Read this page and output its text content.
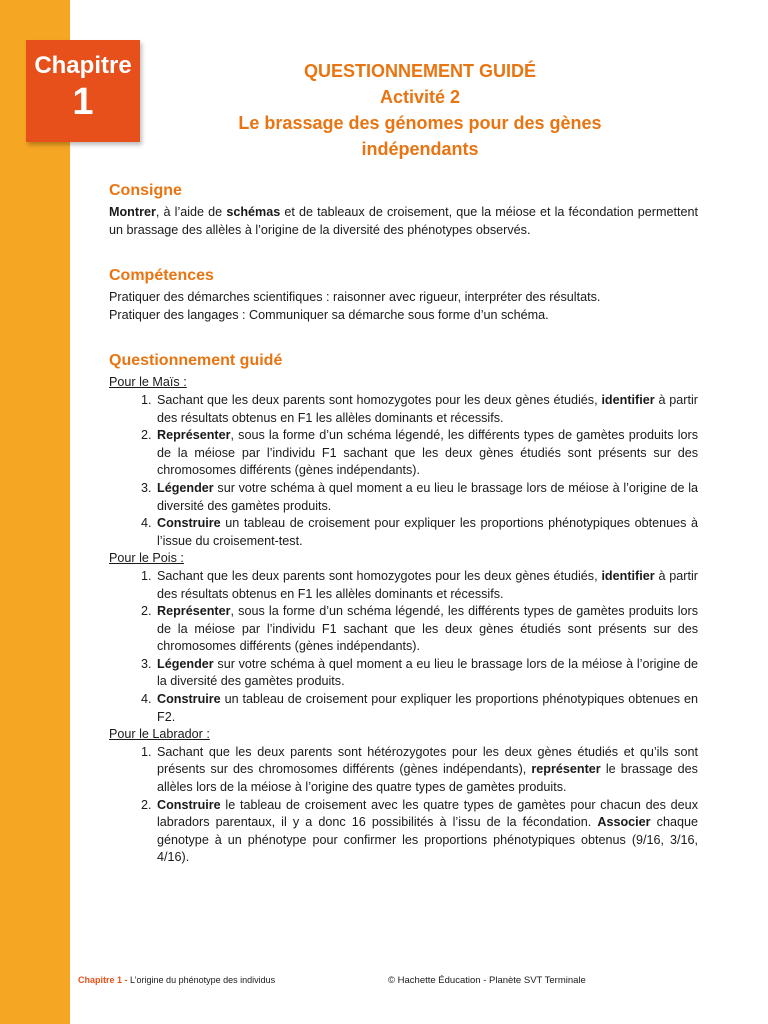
Chapitre
1
QUESTIONNEMENT GUIDÉ
Activité 2
Le brassage des génomes pour des gènes
indépendants
Consigne

Montrer, à l’aide de schémas et de tableaux de croisement, que la méiose et la fécondation permettent un brassage des allèles à l’origine de la diversité des phénotypes observés.

Compétences

Pratiquer des démarches scientifiques : raisonner avec rigueur, interpréter des résultats.

Pratiquer des langages : Communiquer sa démarche sous forme d’un schéma.

Questionnement guidé

Pour le Maïs :

1. Sachant que les deux parents sont homozygotes pour les deux gènes étudiés, identifier à partir des résultats obtenus en F1 les allèles dominants et récessifs.
2. Représenter, sous la forme d’un schéma légendé, les différents types de gamètes produits lors de la méiose par l’individu F1 sachant que les deux gènes étudiés sont présents sur des chromosomes différents (gènes indépendants).
3. Légender sur votre schéma à quel moment a eu lieu le brassage lors de méiose à l’origine de la diversité des gamètes produits.
4. Construire un tableau de croisement pour expliquer les proportions phénotypiques obtenues à l’issue du croisement-test.

Pour le Pois :

1. Sachant que les deux parents sont homozygotes pour les deux gènes étudiés, identifier à partir des résultats obtenus en F1 les allèles dominants et récessifs.
2. Représenter, sous la forme d’un schéma légendé, les différents types de gamètes produits lors de la méiose par l’individu F1 sachant que les deux gènes étudiés sont présents sur des chromosomes différents (gènes indépendants).
3. Légender sur votre schéma à quel moment a eu lieu le brassage lors de la méiose à l’origine de la diversité des gamètes produits.
4. Construire un tableau de croisement pour expliquer les proportions phénotypiques obtenues en F2.

Pour le Labrador :

1. Sachant que les deux parents sont hétérozygotes pour les deux gènes étudiés et qu’ils sont présents sur des chromosomes différents (gènes indépendants), représenter le brassage des allèles lors de la méiose à l’origine des quatre types de gamètes produits.
2. Construire le tableau de croisement avec les quatre types de gamètes pour chacun des deux labradors parentaux, il y a donc 16 possibilités à l’issu de la fécondation. Associer chaque génotype à un phénotype pour confirmer les proportions phénotypiques obtenus (9/16, 3/16, 4/16).
Chapitre 1 - L’origine du phénotype des individus	© Hachette Éducation - Planète SVT Terminale
